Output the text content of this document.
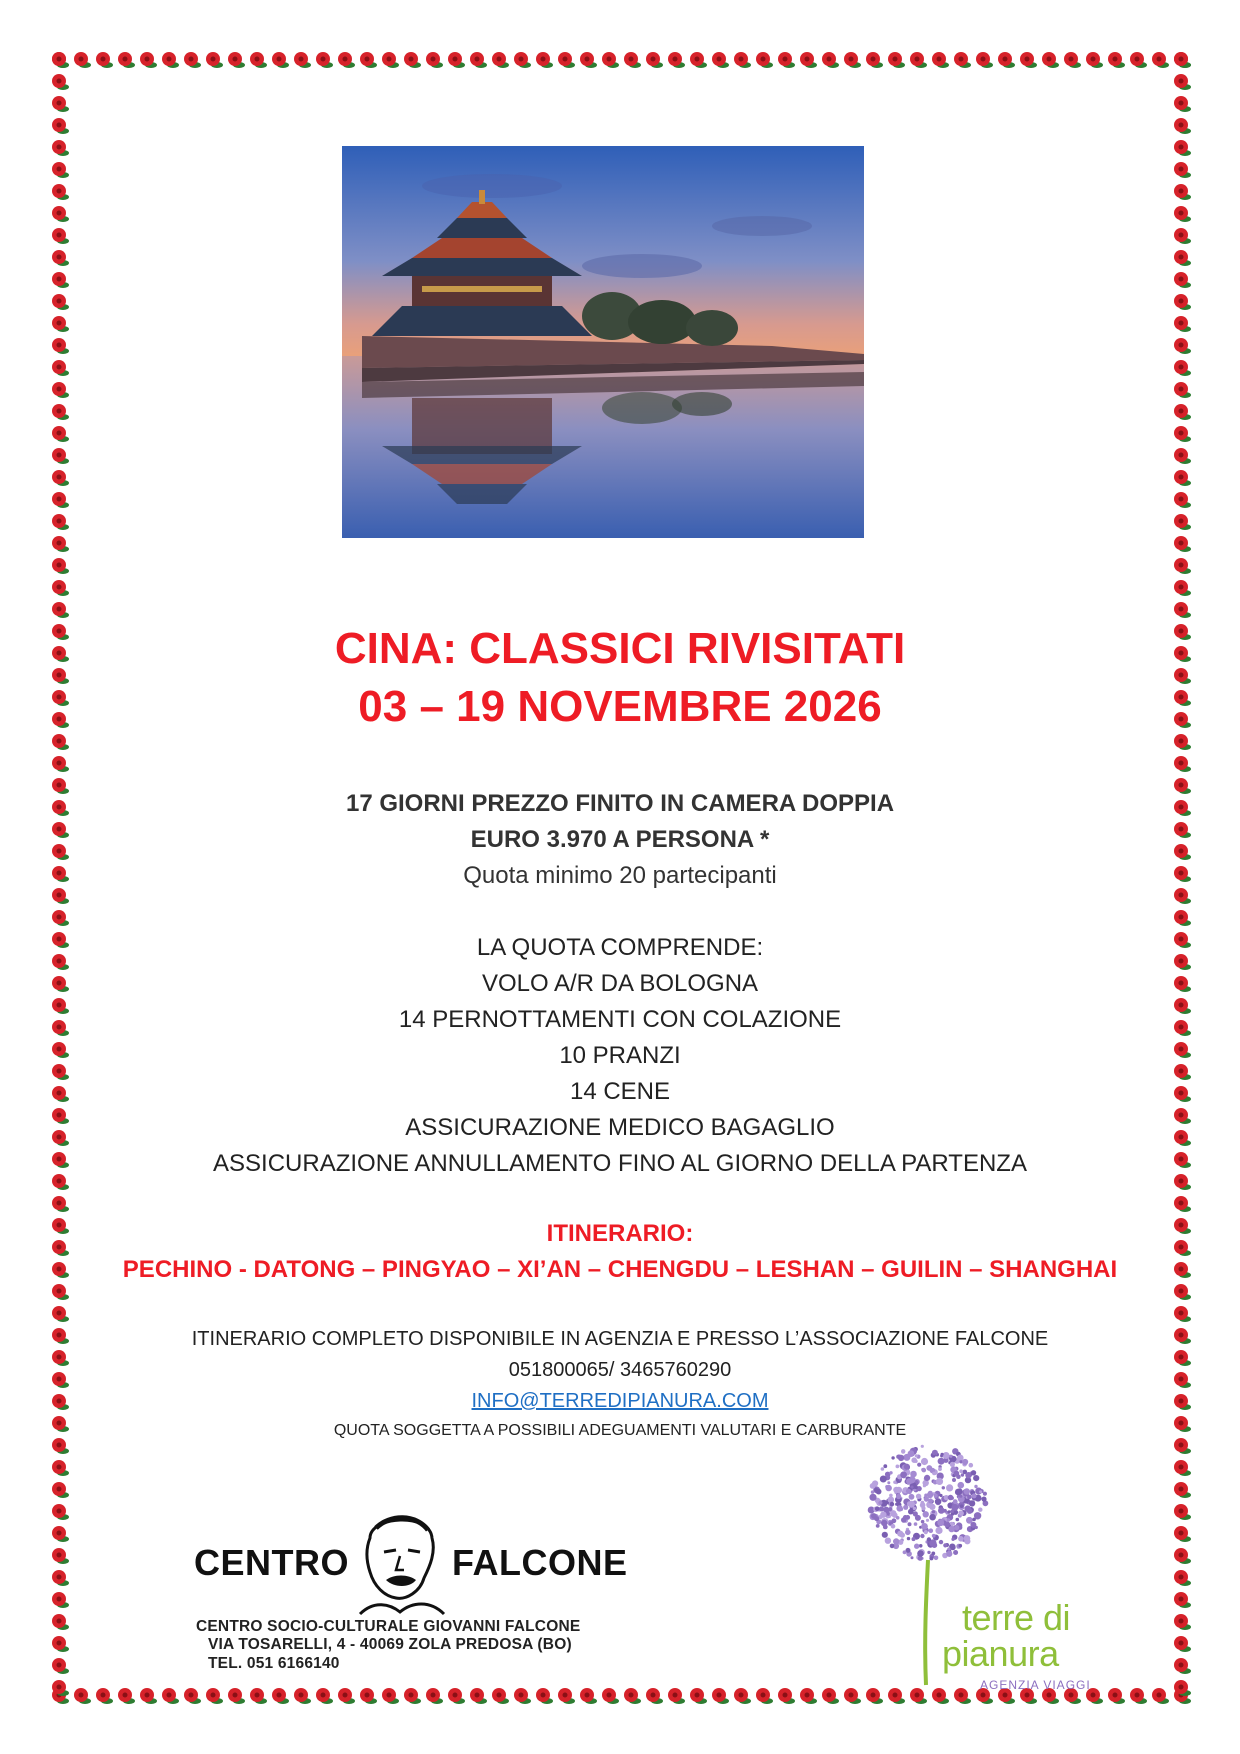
CINA: CLASSICI RIVISITATI
03 – 19 NOVEMBRE 2026
17 GIORNI PREZZO FINITO IN CAMERA DOPPIA
EURO 3.970 A PERSONA *
Quota minimo 20 partecipanti
LA QUOTA COMPRENDE:
VOLO A/R DA BOLOGNA
14 PERNOTTAMENTI CON COLAZIONE
10 PRANZI
14 CENE
ASSICURAZIONE MEDICO BAGAGLIO
ASSICURAZIONE ANNULLAMENTO FINO AL GIORNO DELLA PARTENZA
ITINERARIO:
PECHINO - DATONG – PINGYAO – XI’AN – CHENGDU – LESHAN – GUILIN – SHANGHAI
ITINERARIO COMPLETO DISPONIBILE IN AGENZIA E PRESSO L’ASSOCIAZIONE FALCONE
051800065/ 3465760290
INFO@TERREDIPIANURA.COM
QUOTA SOGGETTA A POSSIBILI ADEGUAMENTI VALUTARI E CARBURANTE
CENTRO	FALCONE
CENTRO SOCIO-CULTURALE GIOVANNI FALCONE
VIA TOSARELLI, 4 - 40069 ZOLA PREDOSA (BO)
TEL. 051 6166140
terre di
pianura
AGENZIA VIAGGI
